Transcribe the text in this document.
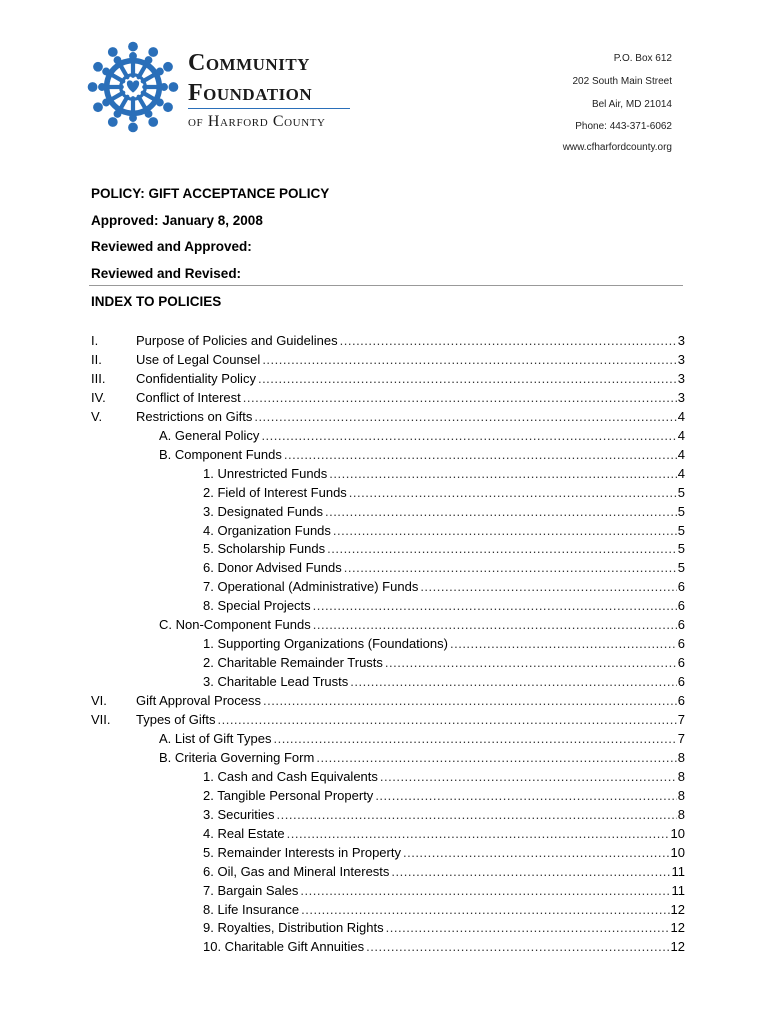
Community
Foundation
of Harford County
P.O. Box 612
202 South Main Street
Bel Air, MD 21014
Phone: 443-371-6062
www.cfharfordcounty.org
POLICY: GIFT ACCEPTANCE POLICY
Approved: January 8, 2008
Reviewed and Approved:
Reviewed and Revised:
INDEX TO POLICIES
I.	Purpose of Policies and Guidelines .....	3
II.	Use of Legal Counsel .....	3
III. Confidentiality Policy .....	3
IV. Conflict of Interest .....	3
V.	Restrictions on Gifts .....	4
A. General Policy .....	4
B. Component Funds .....	4
1. Unrestricted Funds .....	4
2. Field of Interest Funds .....	5
3. Designated Funds .....	5
4. Organization Funds .....	5
5. Scholarship Funds .....	5
6. Donor Advised Funds .....	5
7. Operational (Administrative) Funds .....	6
8. Special Projects .....	6
C. Non-Component Funds .....	6
1. Supporting Organizations (Foundations) .....	6
2. Charitable Remainder Trusts .....	6
3. Charitable Lead Trusts .....	6
VI. Gift Approval Process .....	6
VII. Types of Gifts .....	7
A. List of Gift Types .....	7
B. Criteria Governing Form .....	8
1. Cash and Cash Equivalents .....	8
2. Tangible Personal Property .....	8
3. Securities .....	8
4. Real Estate .....	10
5. Remainder Interests in Property .....	10
6. Oil, Gas and Mineral Interests .....	11
7. Bargain Sales .....	11
8. Life Insurance .....	12
9. Royalties, Distribution Rights .....	12
10. Charitable Gift Annuities .....	12
